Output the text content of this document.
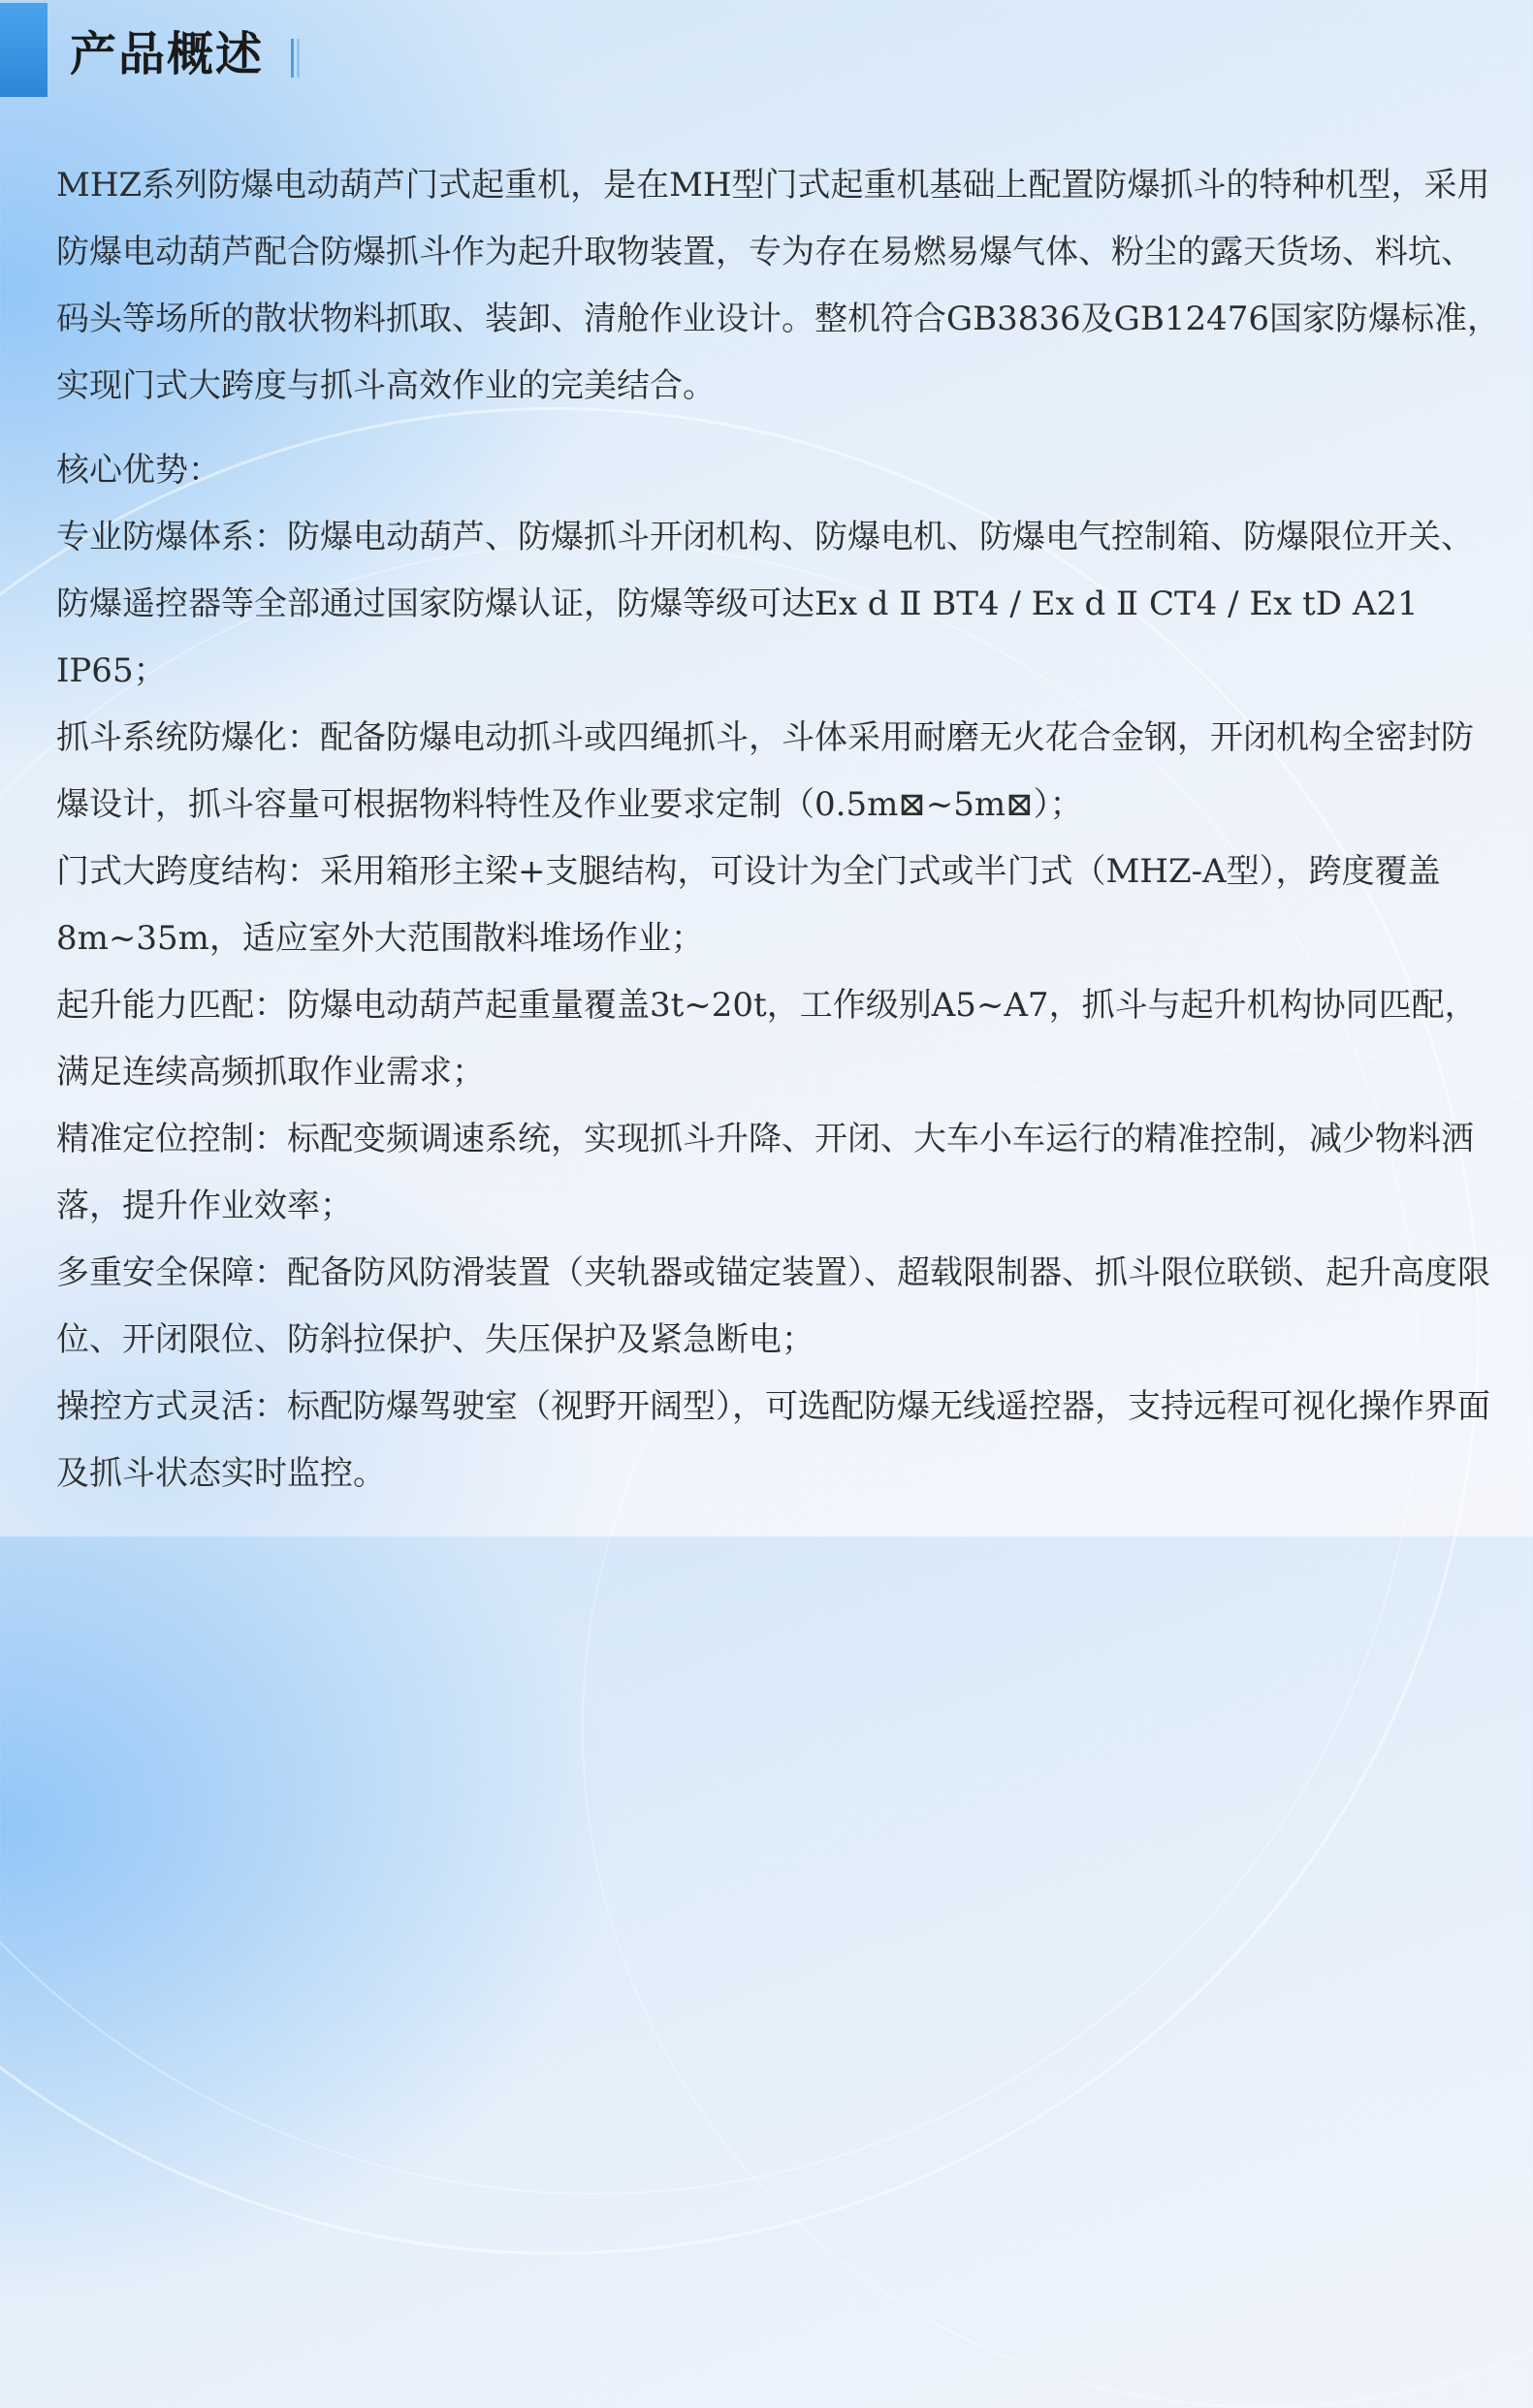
产品概述

MHZ系列防爆电动葫芦门式起重机，是在MH型门式起重机基础上配置防爆抓斗的特种机型，采用防爆电动葫芦配合防爆抓斗作为起升取物装置，专为存在易燃易爆气体、粉尘的露天货场、料坑、码头等场所的散状物料抓取、装卸、清舱作业设计。整机符合GB3836及GB12476国家防爆标准，实现门式大跨度与抓斗高效作业的完美结合。

核心优势：

专业防爆体系：防爆电动葫芦、防爆抓斗开闭机构、防爆电机、防爆电气控制箱、防爆限位开关、防爆遥控器等全部通过国家防爆认证，防爆等级可达Ex d Ⅱ BT4 / Ex d Ⅱ CT4 / Ex tD A21 IP65；

抓斗系统防爆化：配备防爆电动抓斗或四绳抓斗，斗体采用耐磨无火花合金钢，开闭机构全密封防爆设计，抓斗容量可根据物料特性及作业要求定制（0.5m⊠~5m⊠）；

门式大跨度结构：采用箱形主梁+支腿结构，可设计为全门式或半门式（MHZ-A型），跨度覆盖8m~35m，适应室外大范围散料堆场作业；

起升能力匹配：防爆电动葫芦起重量覆盖3t~20t，工作级别A5~A7，抓斗与起升机构协同匹配，满足连续高频抓取作业需求；

精准定位控制：标配变频调速系统，实现抓斗升降、开闭、大车小车运行的精准控制，减少物料洒落，提升作业效率；

多重安全保障：配备防风防滑装置（夹轨器或锚定装置）、超载限制器、抓斗限位联锁、起升高度限位、开闭限位、防斜拉保护、失压保护及紧急断电；

操控方式灵活：标配防爆驾驶室（视野开阔型），可选配防爆无线遥控器，支持远程可视化操作界面及抓斗状态实时监控。
